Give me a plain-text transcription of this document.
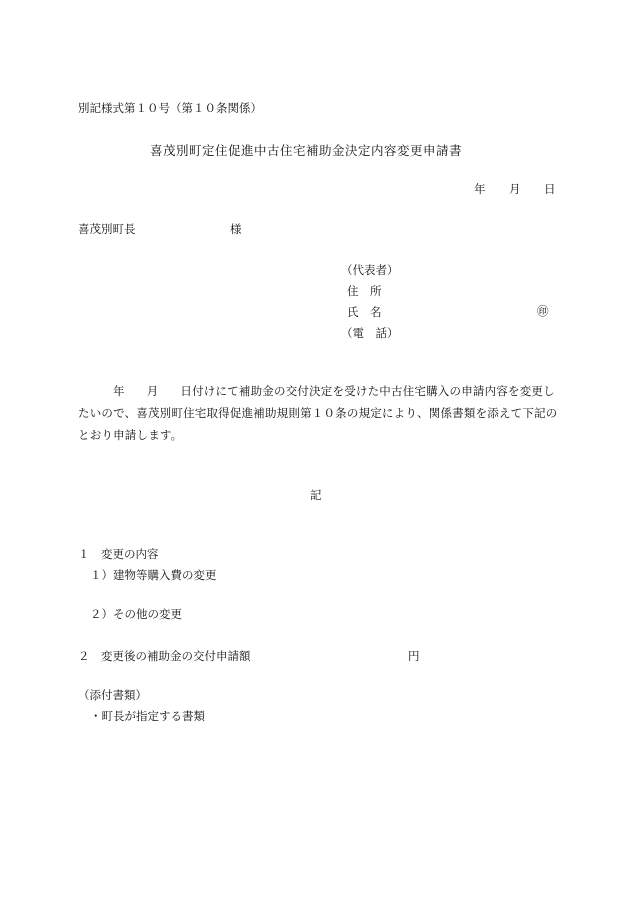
別記様式第１０号（第１０条関係）
喜茂別町定住促進中古住宅補助金決定内容変更申請書
年 月 日
喜茂別町長	様
（代表者）
住　所
氏　名	㊞
（電　話）
年 月 日付けにて補助金の交付決定を受けた中古住宅購入の申請内容を変更したいので、喜茂別町住宅取得促進補助規則第１０条の規定により、関係書類を添えて下記のとおり申請します。
記
１　変更の内容
１）建物等購入費の変更
２）その他の変更
２　変更後の補助金の交付申請額	円
（添付書類）
・町長が指定する書類
